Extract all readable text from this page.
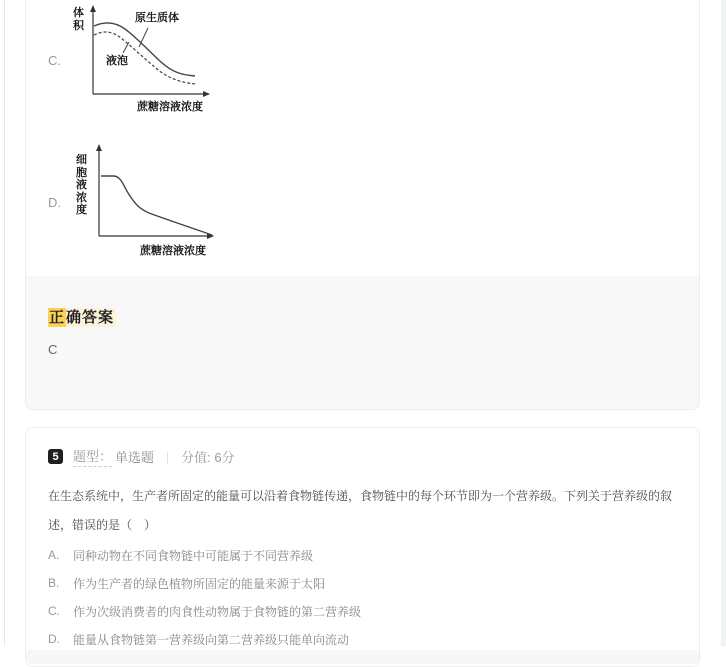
C.
体积
原生质体
液泡
蔗糖溶液浓度
D.
细胞液浓度
蔗糖溶液浓度
正确答案
C
5	题型： 单选题 | 分值: 6分

在生态系统中，生产者所固定的能量可以沿着食物链传递，食物链中的每个环节即为一个营养级。下列关于营养级的叙述，错误的是（　）

A.	同种动物在不同食物链中可能属于不同营养级
B.	作为生产者的绿色植物所固定的能量来源于太阳
C.	作为次级消费者的肉食性动物属于食物链的第二营养级
D.	能量从食物链第一营养级向第二营养级只能单向流动
